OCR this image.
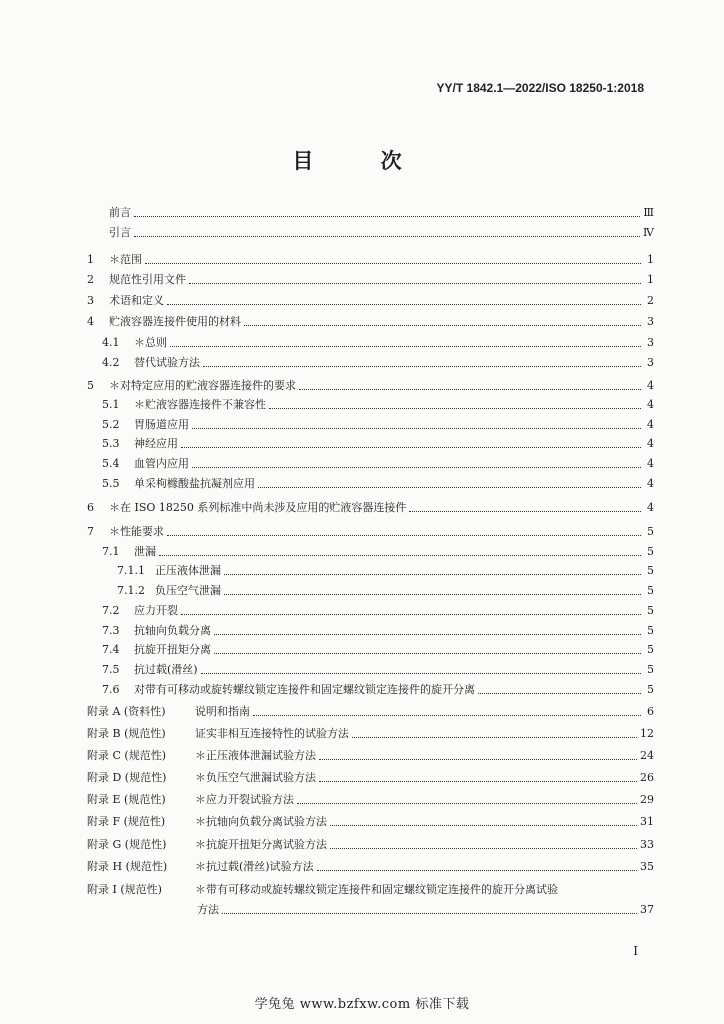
YY/T 1842.1—2022/ISO 18250-1:2018
目 次
前言	Ⅲ
引言	Ⅳ
1	＊范围	1
2	规范性引用文件	1
3	术语和定义	2
4	贮液容器连接件使用的材料	3
4.1	＊总则	3
4.2	替代试验方法	3
5	＊对特定应用的贮液容器连接件的要求	4
5.1	＊贮液容器连接件不兼容性	4
5.2	胃肠道应用	4
5.3	神经应用	4
5.4	血管内应用	4
5.5	单采枸橼酸盐抗凝剂应用	4
6	＊在 ISO 18250 系列标准中尚未涉及应用的贮液容器连接件	4
7	＊性能要求	5
7.1	泄漏	5
7.1.1 正压液体泄漏	5
7.1.2 负压空气泄漏	5
7.2	应力开裂	5
7.3	抗轴向负载分离	5
7.4	抗旋开扭矩分离	5
7.5	抗过载(滑丝)	5
7.6	对带有可移动或旋转螺纹锁定连接件和固定螺纹锁定连接件的旋开分离	5
附录 A (资料性)	说明和指南	6
附录 B (规范性)	证实非相互连接特性的试验方法	12
附录 C (规范性)	＊正压液体泄漏试验方法	24
附录 D (规范性)	＊负压空气泄漏试验方法	26
附录 E (规范性)	＊应力开裂试验方法	29
附录 F (规范性)	＊抗轴向负载分离试验方法	31
附录 G (规范性)	＊抗旋开扭矩分离试验方法	33
附录 H (规范性)	＊抗过载(滑丝)试验方法	35
附录 I (规范性)	＊带有可移动或旋转螺纹锁定连接件和固定螺纹锁定连接件的旋开分离试验
方法	37
I
学兔兔 www.bzfxw.com 标准下载
